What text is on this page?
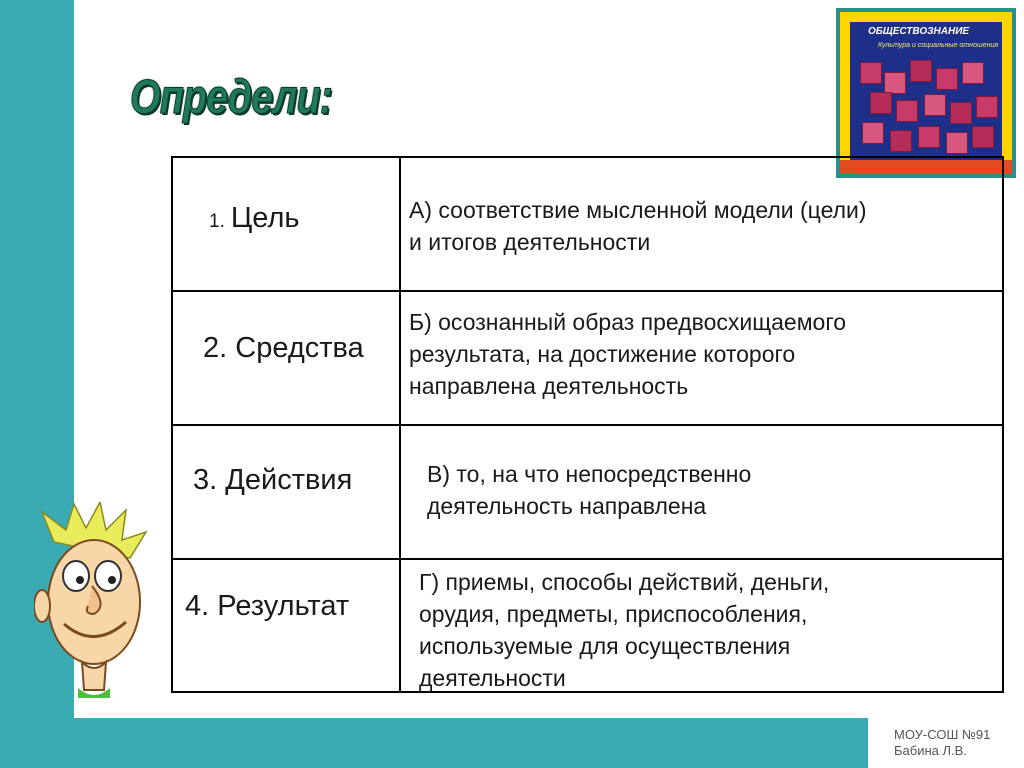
МОУ-СОШ №91
Бабина Л.В.
Определи:
ОБЩЕСТВОЗНАНИЕ
Культура и социальные отношения
1. Цель	А) соответствие мысленной модели (цели)
и итогов деятельности

2. Средства	Б) осознанный образ предвосхищаемого
результата, на достижение которого
направлена деятельность

3. Действия	В) то, на что непосредственно
деятельность направлена

4. Результат	Г) приемы, способы действий, деньги,
орудия, предметы, приспособления,
используемые для осуществления
деятельности
